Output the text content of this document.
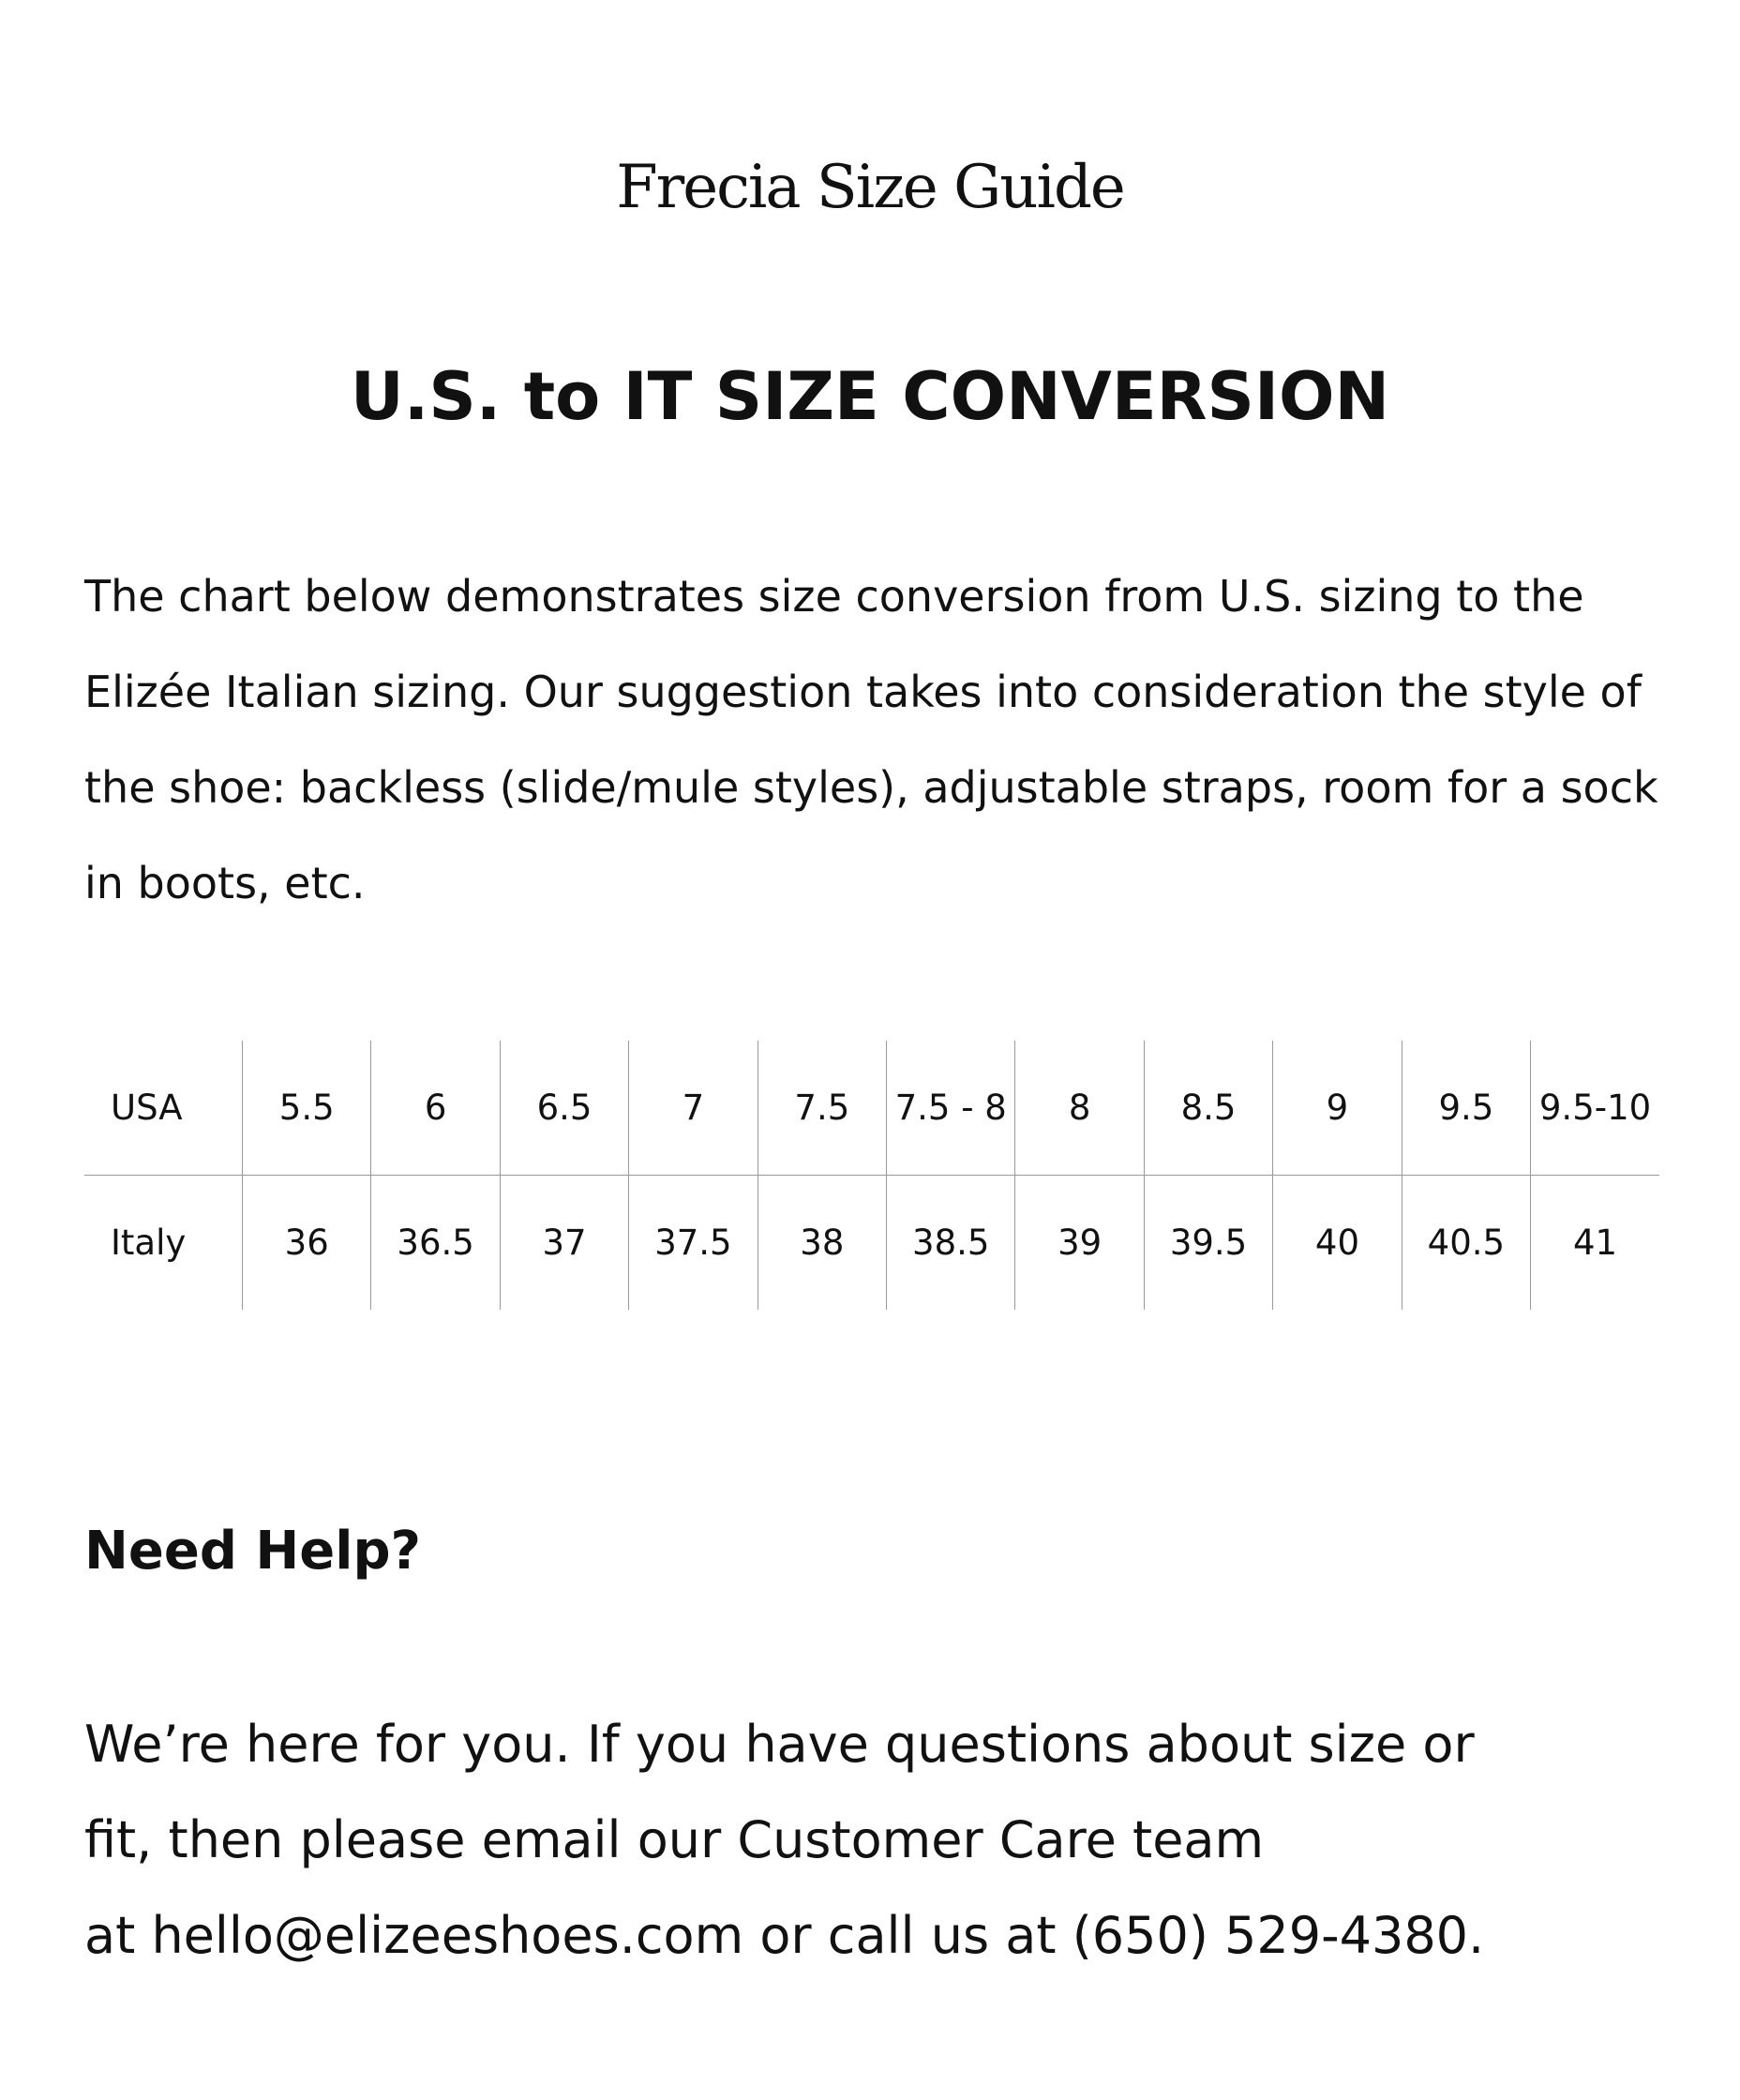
Frecia Size Guide
U.S. to IT SIZE CONVERSION

The chart below demonstrates size conversion from U.S. sizing to the Elizée Italian sizing. Our suggestion takes into consideration the style of the shoe: backless (slide/mule styles), adjustable straps, room for a sock in boots, etc.

USA	5.5	6	6.5	7	7.5	7.5 - 8	8	8.5	9	9.5	9.5-10
Italy	36	36.5	37	37.5	38	38.5	39	39.5	40	40.5	41
Need Help?

We’re here for you. If you have questions about size or
fit, then please email our Customer Care team
at hello@elizeeshoes.com or call us at (650) 529-4380.
